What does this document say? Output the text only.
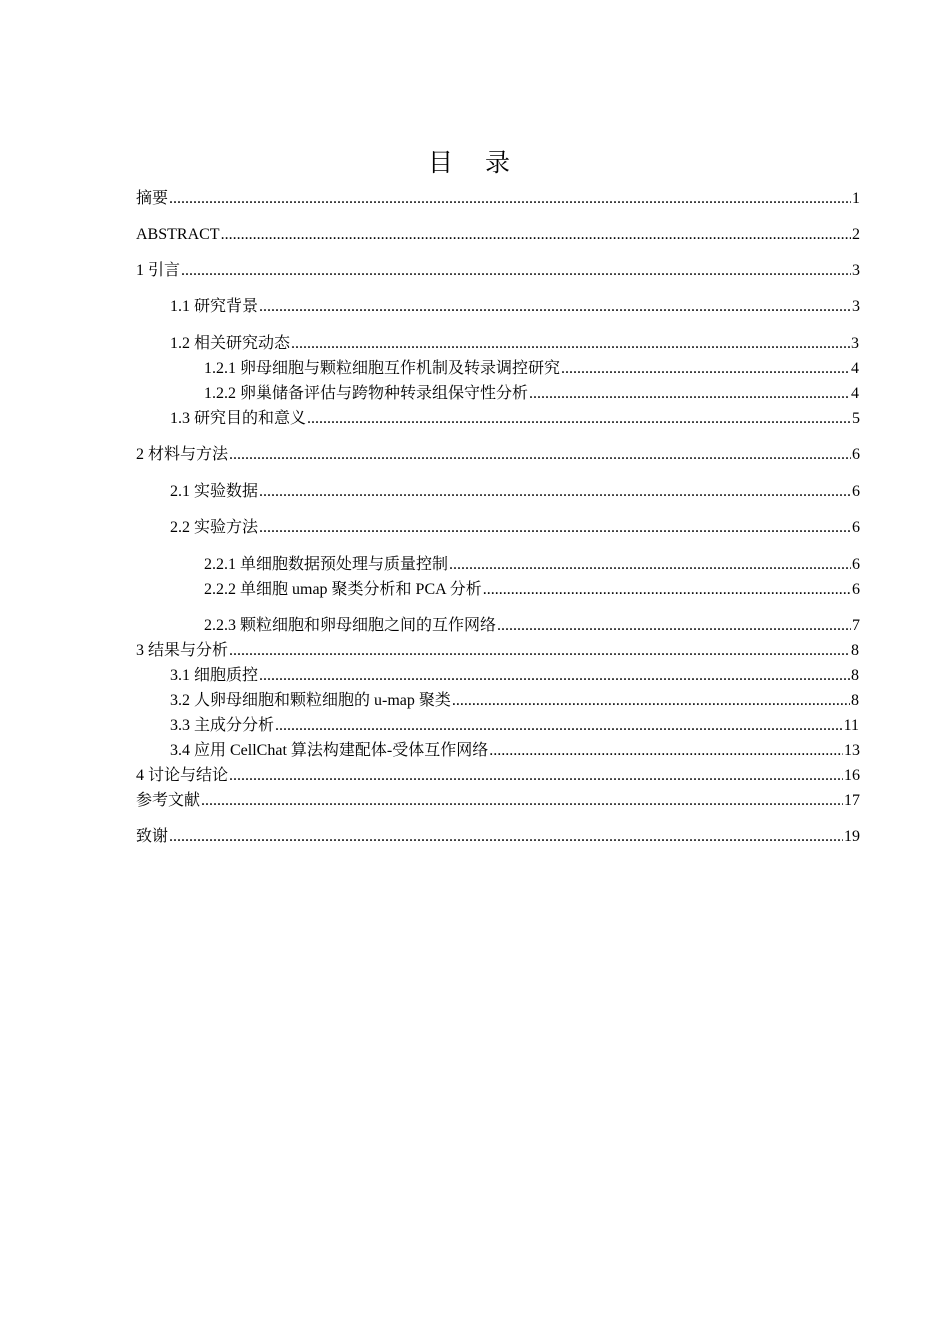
目 录
摘要 .....	1
ABSTRACT .....	2
1 引言 .....	3
1.1 研究背景 .....	3
1.2 相关研究动态 .....	3
1.2.1 卵母细胞与颗粒细胞互作机制及转录调控研究 .....	4
1.2.2 卵巢储备评估与跨物种转录组保守性分析 .....	4
1.3 研究目的和意义 .....	5
2 材料与方法 .....	6
2.1 实验数据 .....	6
2.2 实验方法 .....	6
2.2.1 单细胞数据预处理与质量控制 .....	6
2.2.2 单细胞 umap 聚类分析和 PCA 分析 .....	6
2.2.3 颗粒细胞和卵母细胞之间的互作网络 .....	7
3 结果与分析 .....	8
3.1 细胞质控 .....	8
3.2 人卵母细胞和颗粒细胞的 u-map 聚类 .....	8
3.3 主成分分析 .....	11
3.4 应用 CellChat 算法构建配体-受体互作网络 .....	13
4 讨论与结论 .....	16
参考文献 .....	17
致谢 .....	19
